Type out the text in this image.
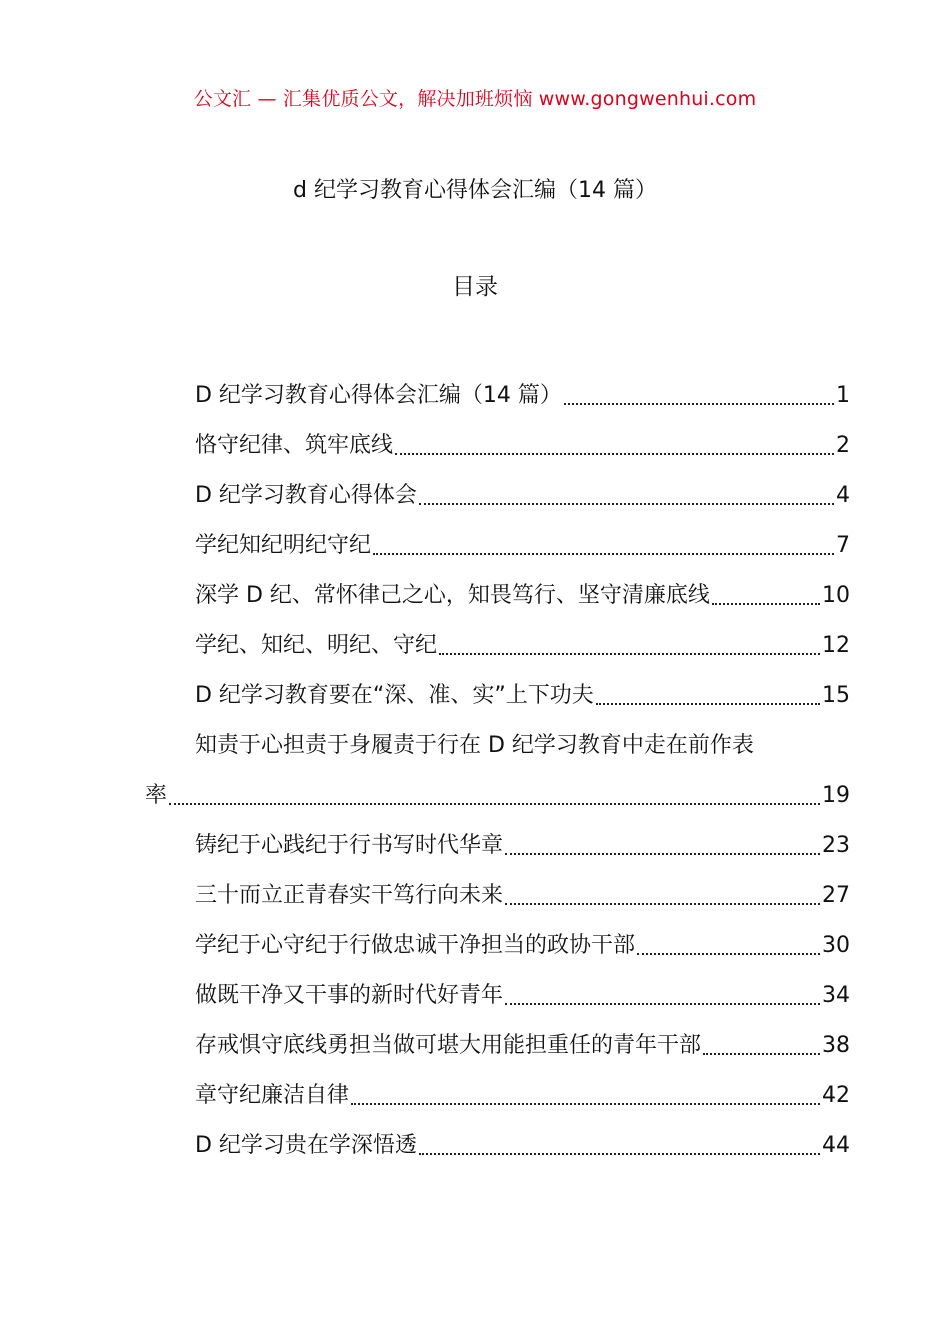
公文汇 — 汇集优质公文，解决加班烦恼 www.gongwenhui.com
d 纪学习教育心得体会汇编（14 篇）
目录
D 纪学习教育心得体会汇编（14 篇）	1
恪守纪律、筑牢底线	2
D 纪学习教育心得体会	4
学纪知纪明纪守纪	7
深学 D 纪、常怀律己之心，知畏笃行、坚守清廉底线	10
学纪、知纪、明纪、守纪	12
D 纪学习教育要在“深、准、实”上下功夫	15
知责于心担责于身履责于行在 D 纪学习教育中走在前作表
率	19
铸纪于心践纪于行书写时代华章	23
三十而立正青春实干笃行向未来	27
学纪于心守纪于行做忠诚干净担当的政协干部	30
做既干净又干事的新时代好青年	34
存戒惧守底线勇担当做可堪大用能担重任的青年干部	38
章守纪廉洁自律	42
D 纪学习贵在学深悟透	44
